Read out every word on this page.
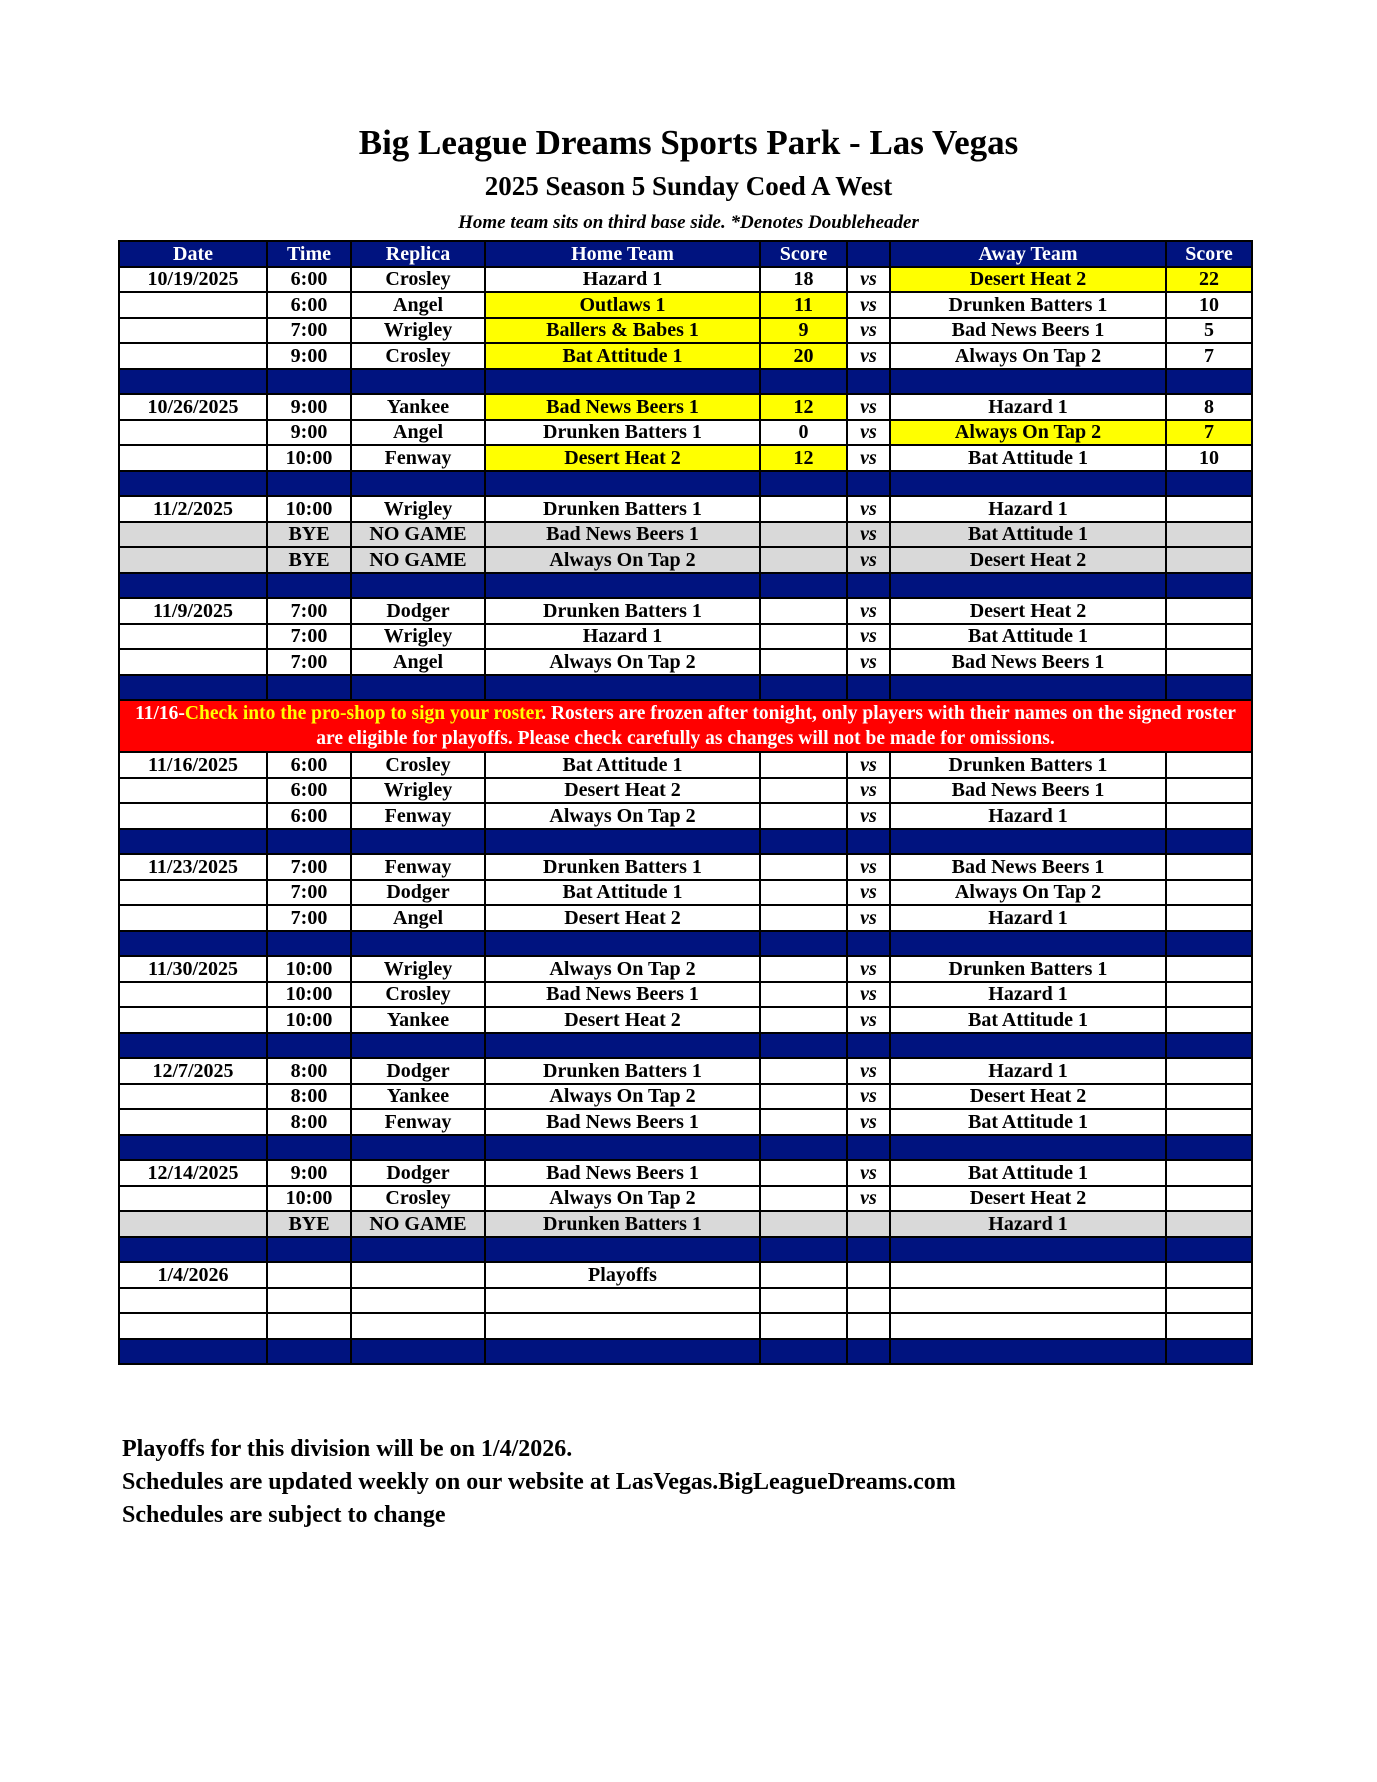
Big League Dreams Sports Park - Las Vegas
2025 Season 5 Sunday Coed A West
Home team sits on third base side. *Denotes Doubleheader
Date	Time	Replica	Home Team	Score		Away Team	Score
10/19/2025	6:00	Crosley	Hazard 1	18	vs	Desert Heat 2	22
	6:00	Angel	Outlaws 1	11	vs	Drunken Batters 1	10
	7:00	Wrigley	Ballers & Babes 1	9	vs	Bad News Beers 1	5
	9:00	Crosley	Bat Attitude 1	20	vs	Always On Tap 2	7

10/26/2025	9:00	Yankee	Bad News Beers 1	12	vs	Hazard 1	8
	9:00	Angel	Drunken Batters 1	0	vs	Always On Tap 2	7
	10:00	Fenway	Desert Heat 2	12	vs	Bat Attitude 1	10

11/2/2025	10:00	Wrigley	Drunken Batters 1		vs	Hazard 1	
	BYE	NO GAME	Bad News Beers 1		vs	Bat Attitude 1	
	BYE	NO GAME	Always On Tap 2		vs	Desert Heat 2	

11/9/2025	7:00	Dodger	Drunken Batters 1		vs	Desert Heat 2	
	7:00	Wrigley	Hazard 1		vs	Bat Attitude 1	
	7:00	Angel	Always On Tap 2		vs	Bad News Beers 1	

11/16-Check into the pro-shop to sign your roster. Rosters are frozen after tonight, only players with their names on the signed roster are eligible for playoffs. Please check carefully as changes will not be made for omissions.							
11/16/2025	6:00	Crosley	Bat Attitude 1		vs	Drunken Batters 1	
	6:00	Wrigley	Desert Heat 2		vs	Bad News Beers 1	
	6:00	Fenway	Always On Tap 2		vs	Hazard 1	

11/23/2025	7:00	Fenway	Drunken Batters 1		vs	Bad News Beers 1	
	7:00	Dodger	Bat Attitude 1		vs	Always On Tap 2	
	7:00	Angel	Desert Heat 2		vs	Hazard 1	

11/30/2025	10:00	Wrigley	Always On Tap 2		vs	Drunken Batters 1	
	10:00	Crosley	Bad News Beers 1		vs	Hazard 1	
	10:00	Yankee	Desert Heat 2		vs	Bat Attitude 1	

12/7/2025	8:00	Dodger	Drunken Batters 1		vs	Hazard 1	
	8:00	Yankee	Always On Tap 2		vs	Desert Heat 2	
	8:00	Fenway	Bad News Beers 1		vs	Bat Attitude 1	

12/14/2025	9:00	Dodger	Bad News Beers 1		vs	Bat Attitude 1	
	10:00	Crosley	Always On Tap 2		vs	Desert Heat 2	
	BYE	NO GAME	Drunken Batters 1			Hazard 1	

1/4/2026			Playoffs				

Playoffs for this division will be on 1/4/2026.
Schedules are updated weekly on our website at LasVegas.BigLeagueDreams.com
Schedules are subject to change
